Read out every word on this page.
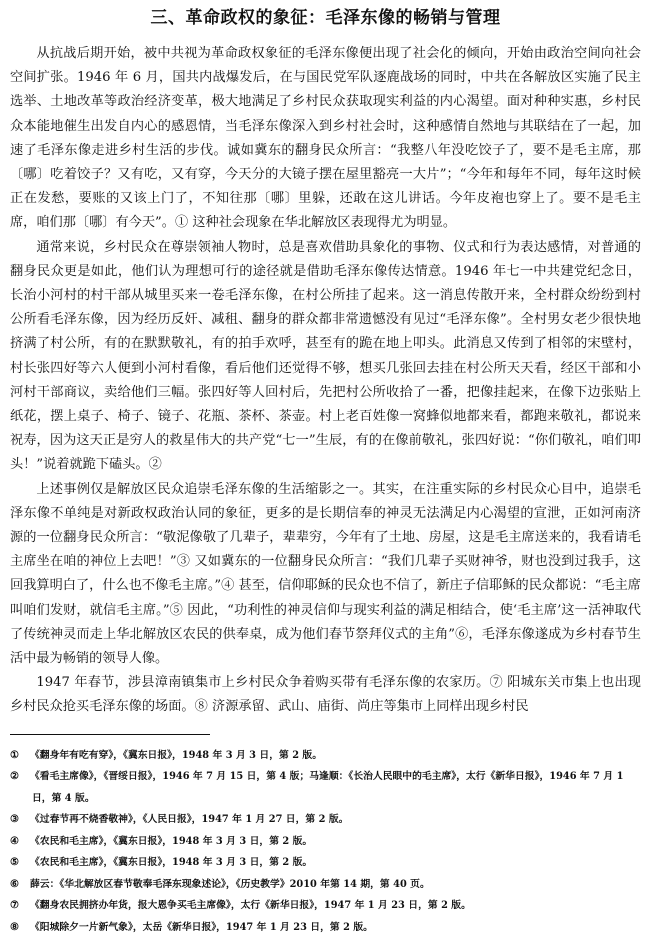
三、革命政权的象征：毛泽东像的畅销与管理

从抗战后期开始，被中共视为革命政权象征的毛泽东像便出现了社会化的倾向，开始由政治空间向社会空间扩张。1946 年 6 月，国共内战爆发后，在与国民党军队逐鹿战场的同时，中共在各解放区实施了民主选举、土地改革等政治经济变革，极大地满足了乡村民众获取现实利益的内心渴望。面对种种实惠，乡村民众本能地催生出发自内心的感恩情，当毛泽东像深入到乡村社会时，这种感情自然地与其联结在了一起，加速了毛泽东像走进乡村生活的步伐。诚如冀东的翻身民众所言：“我整八年没吃饺子了，要不是毛主席，那〔哪〕吃着饺子？又有吃，又有穿，今天分的大镜子摆在屋里豁亮一大片”；“今年和每年不同，每年这时候正在发愁，要账的又该上门了，不知往那〔哪〕里躲，还敢在这儿讲话。今年皮袍也穿上了。要不是毛主席，咱们那〔哪〕有今天”。① 这种社会现象在华北解放区表现得尤为明显。

通常来说，乡村民众在尊崇领袖人物时，总是喜欢借助具象化的事物、仪式和行为表达感情，对普通的翻身民众更是如此，他们认为理想可行的途径就是借助毛泽东像传达情意。1946 年七一中共建党纪念日，长治小河村的村干部从城里买来一卷毛泽东像，在村公所挂了起来。这一消息传散开来，全村群众纷纷到村公所看毛泽东像，因为经历反奸、减租、翻身的群众都非常遗憾没有见过“毛泽东像”。全村男女老少很快地挤满了村公所，有的在默默敬礼，有的拍手欢呼，甚至有的跪在地上叩头。此消息又传到了相邻的宋壁村，村长张四好等六人便到小河村看像，看后他们还觉得不够，想买几张回去挂在村公所天天看，经区干部和小河村干部商议，卖给他们三幅。张四好等人回村后，先把村公所收拾了一番，把像挂起来，在像下边张贴上纸花，摆上桌子、椅子、镜子、花瓶、茶杯、茶壶。村上老百姓像一窝蜂似地都来看，都跑来敬礼，都说来祝寿，因为这天正是穷人的救星伟大的共产党“七一”生辰，有的在像前敬礼，张四好说：“你们敬礼，咱们叩头！”说着就跪下磕头。②

上述事例仅是解放区民众追崇毛泽东像的生活缩影之一。其实，在注重实际的乡村民众心目中，追崇毛泽东像不单纯是对新政权政治认同的象征，更多的是长期信奉的神灵无法满足内心渴望的宣泄，正如河南济源的一位翻身民众所言：“敬泥像敬了几辈子，辈辈穷，今年有了土地、房屋，这是毛主席送来的，我看请毛主席坐在咱的神位上去吧！”③ 又如冀东的一位翻身民众所言：“我们几辈子买财神爷，财也没到过我手，这回我算明白了，什么也不像毛主席。”④ 甚至，信仰耶稣的民众也不信了，新庄子信耶稣的民众都说：“毛主席叫咱们发财，就信毛主席。”⑤ 因此，“功利性的神灵信仰与现实利益的满足相结合，使‘毛主席’这一活神取代了传统神灵而走上华北解放区农民的供奉桌，成为他们春节祭拜仪式的主角”⑥，毛泽东像遂成为乡村春节生活中最为畅销的领导人像。

1947 年春节，涉县漳南镇集市上乡村民众争着购买带有毛泽东像的农家历。⑦ 阳城东关市集上也出现乡村民众抢买毛泽东像的场面。⑧ 济源承留、武山、庙街、尚庄等集市上同样出现乡村民

① 《翻身年有吃有穿》，《冀东日报》，1948 年 3 月 3 日，第 2 版。
② 《看毛主席像》，《晋绥日报》，1946 年 7 月 15 日，第 4 版；马逢顺：《长治人民眼中的毛主席》，太行《新华日报》，1946 年 7 月 1 日，第 4 版。
③ 《过春节再不烧香敬神》，《人民日报》，1947 年 1 月 27 日，第 2 版。
④ 《农民和毛主席》，《冀东日报》，1948 年 3 月 3 日，第 2 版。
⑤ 《农民和毛主席》，《冀东日报》，1948 年 3 月 3 日，第 2 版。
⑥ 薛云：《华北解放区春节敬奉毛泽东现象述论》，《历史教学》2010 年第 14 期，第 40 页。
⑦ 《翻身农民拥挤办年货，报大恩争买毛主席像》，太行《新华日报》，1947 年 1 月 23 日，第 2 版。
⑧ 《阳城除夕一片新气象》，太岳《新华日报》，1947 年 1 月 23 日，第 2 版。
